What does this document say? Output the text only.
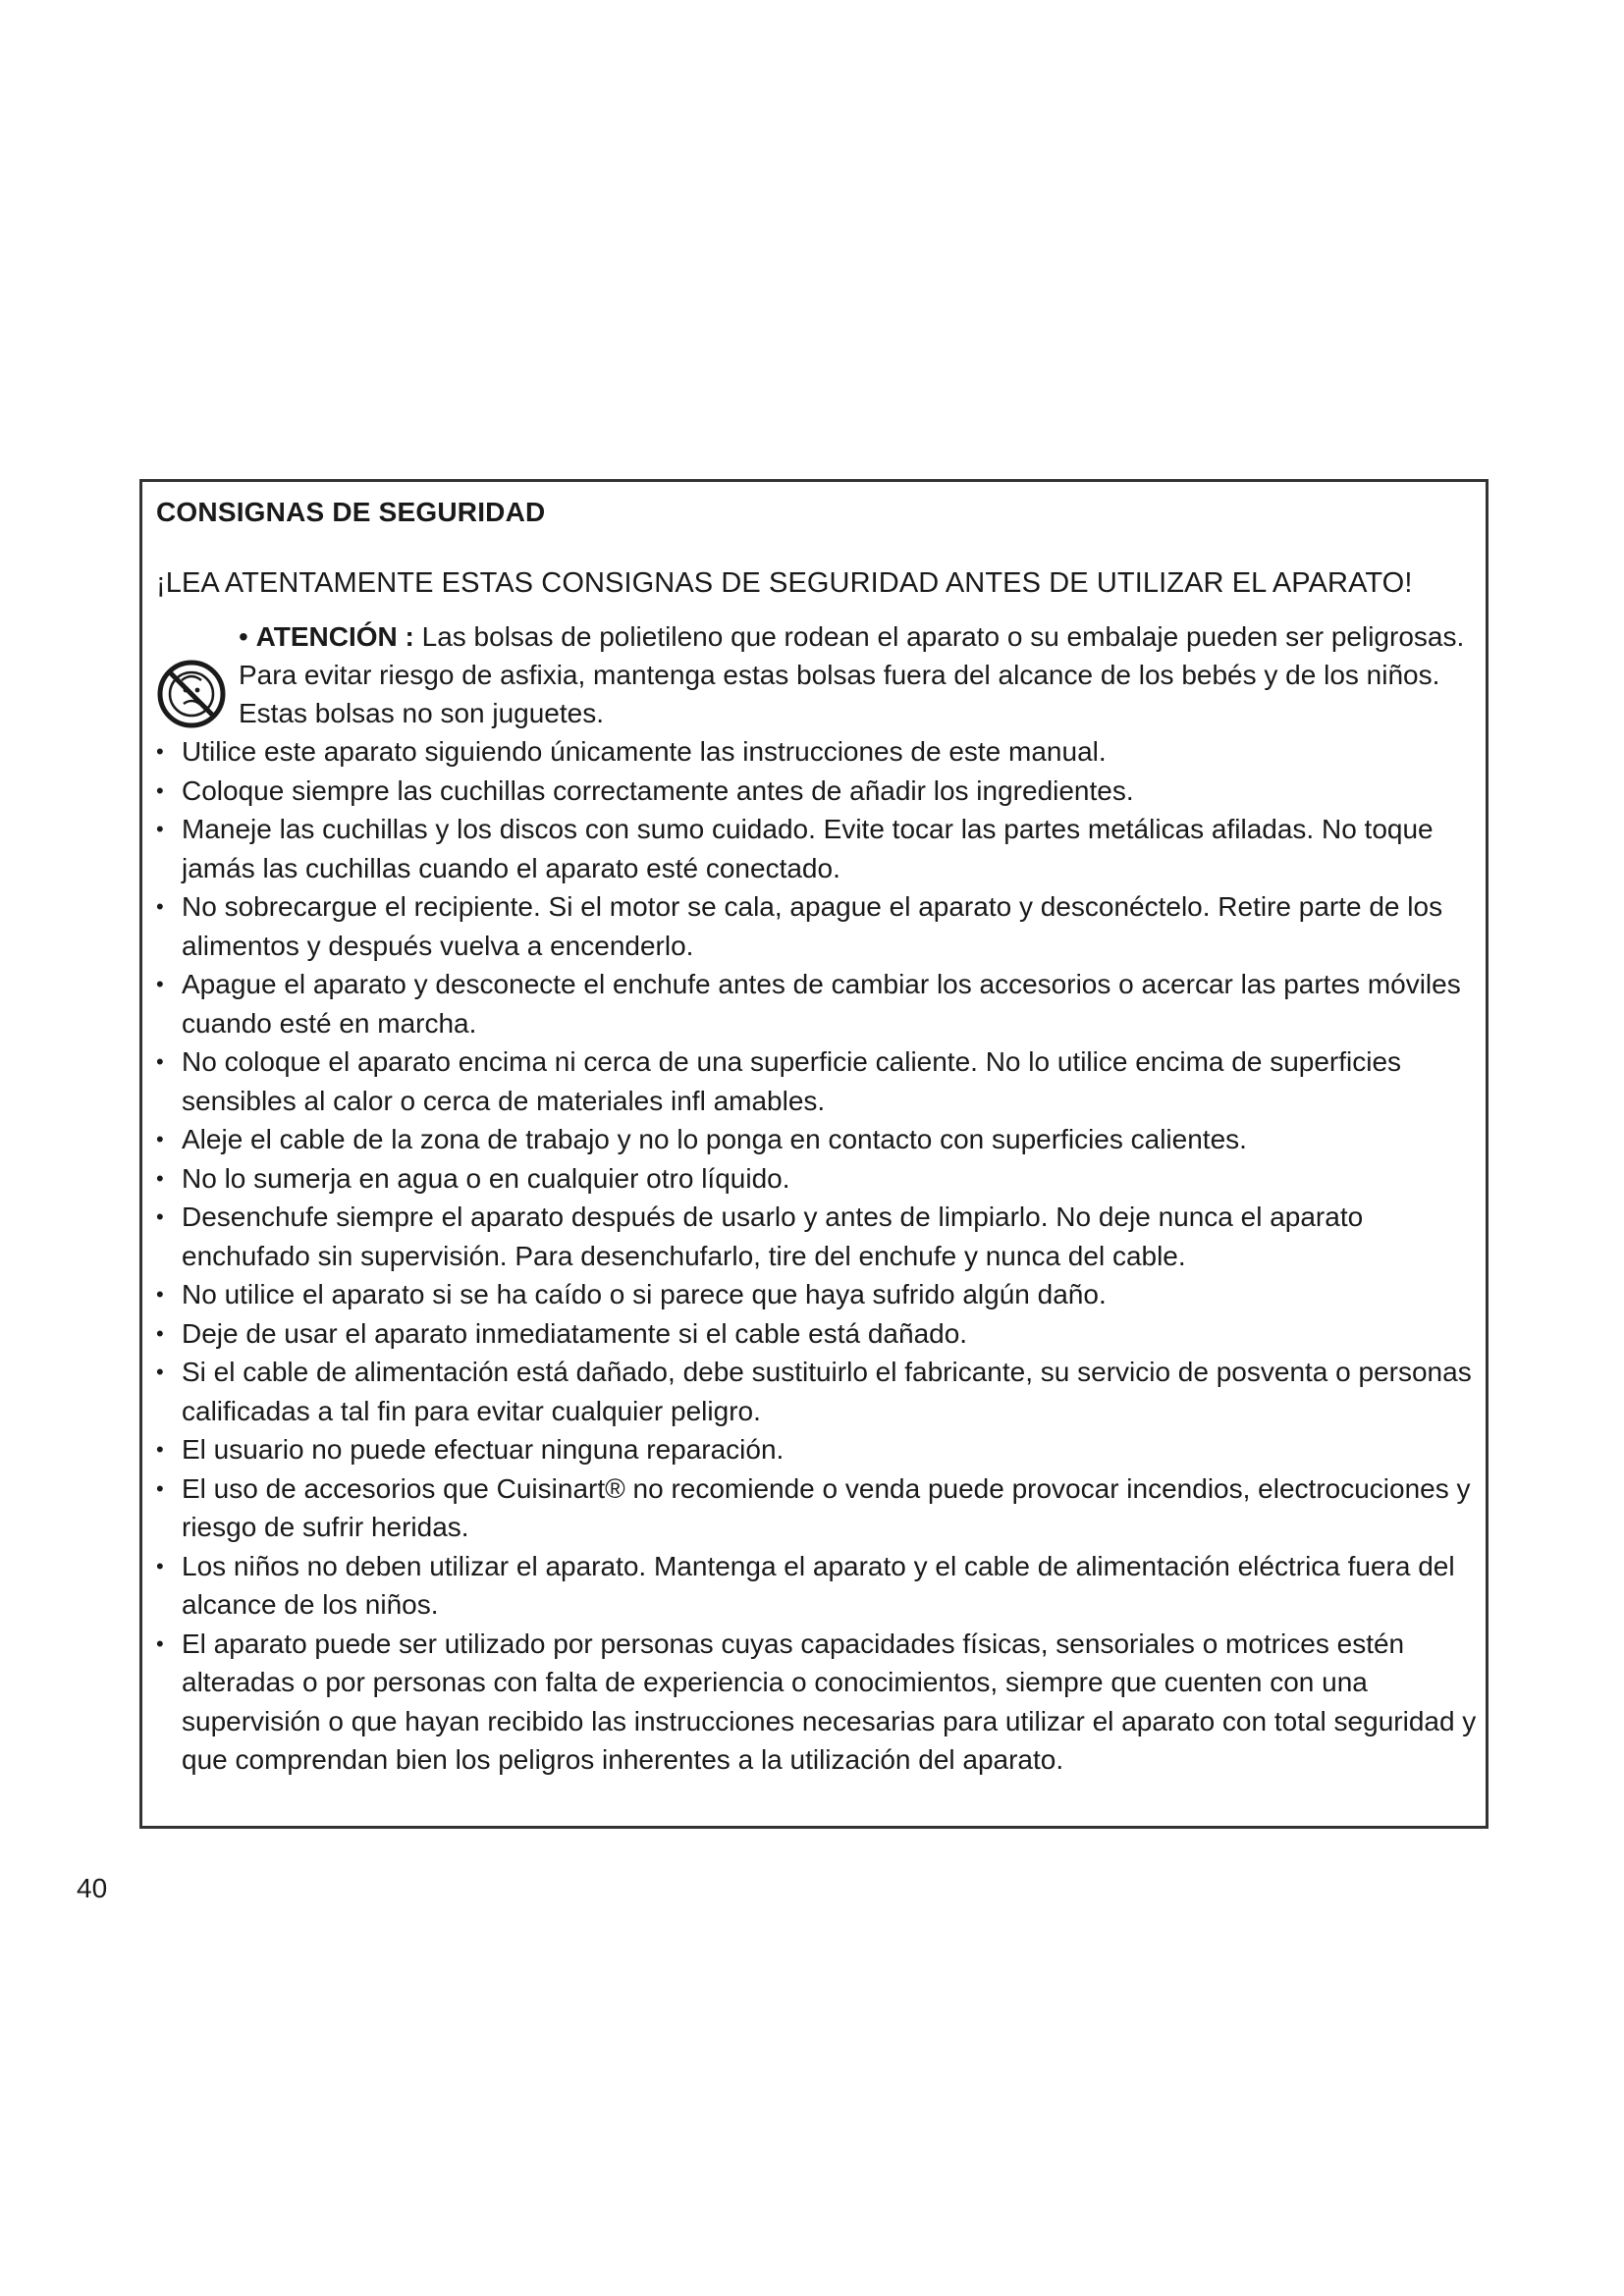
CONSIGNAS DE SEGURIDAD

¡LEA ATENTAMENTE ESTAS CONSIGNAS DE SEGURIDAD ANTES DE UTILIZAR EL APARATO!

• ATENCIÓN : Las bolsas de polietileno que rodean el aparato o su embalaje pueden ser peligrosas. Para evitar riesgo de asfixia, mantenga estas bolsas fuera del alcance de los bebés y de los niños. Estas bolsas no son juguetes.
• Utilice este aparato siguiendo únicamente las instrucciones de este manual.
• Coloque siempre las cuchillas correctamente antes de añadir los ingredientes.
• Maneje las cuchillas y los discos con sumo cuidado. Evite tocar las partes metálicas afiladas. No toque jamás las cuchillas cuando el aparato esté conectado.
• No sobrecargue el recipiente. Si el motor se cala, apague el aparato y desconéctelo. Retire parte de los alimentos y después vuelva a encenderlo.
• Apague el aparato y desconecte el enchufe antes de cambiar los accesorios o acercar las partes móviles cuando esté en marcha.
• No coloque el aparato encima ni cerca de una superficie caliente. No lo utilice encima de superficies sensibles al calor o cerca de materiales infl amables.
• Aleje el cable de la zona de trabajo y no lo ponga en contacto con superficies calientes.
• No lo sumerja en agua o en cualquier otro líquido.
• Desenchufe siempre el aparato después de usarlo y antes de limpiarlo. No deje nunca el aparato enchufado sin supervisión. Para desenchufarlo, tire del enchufe y nunca del cable.
• No utilice el aparato si se ha caído o si parece que haya sufrido algún daño.
• Deje de usar el aparato inmediatamente si el cable está dañado.
• Si el cable de alimentación está dañado, debe sustituirlo el fabricante, su servicio de posventa o personas calificadas a tal fin para evitar cualquier peligro.
• El usuario no puede efectuar ninguna reparación.
• El uso de accesorios que Cuisinart® no recomiende o venda puede provocar incendios, electrocuciones y riesgo de sufrir heridas.
• Los niños no deben utilizar el aparato. Mantenga el aparato y el cable de alimentación eléctrica fuera del alcance de los niños.
• El aparato puede ser utilizado por personas cuyas capacidades físicas, sensoriales o motrices estén alteradas o por personas con falta de experiencia o conocimientos, siempre que cuenten con una supervisión o que hayan recibido las instrucciones necesarias para utilizar el aparato con total seguridad y que comprendan bien los peligros inherentes a la utilización del aparato.
40
